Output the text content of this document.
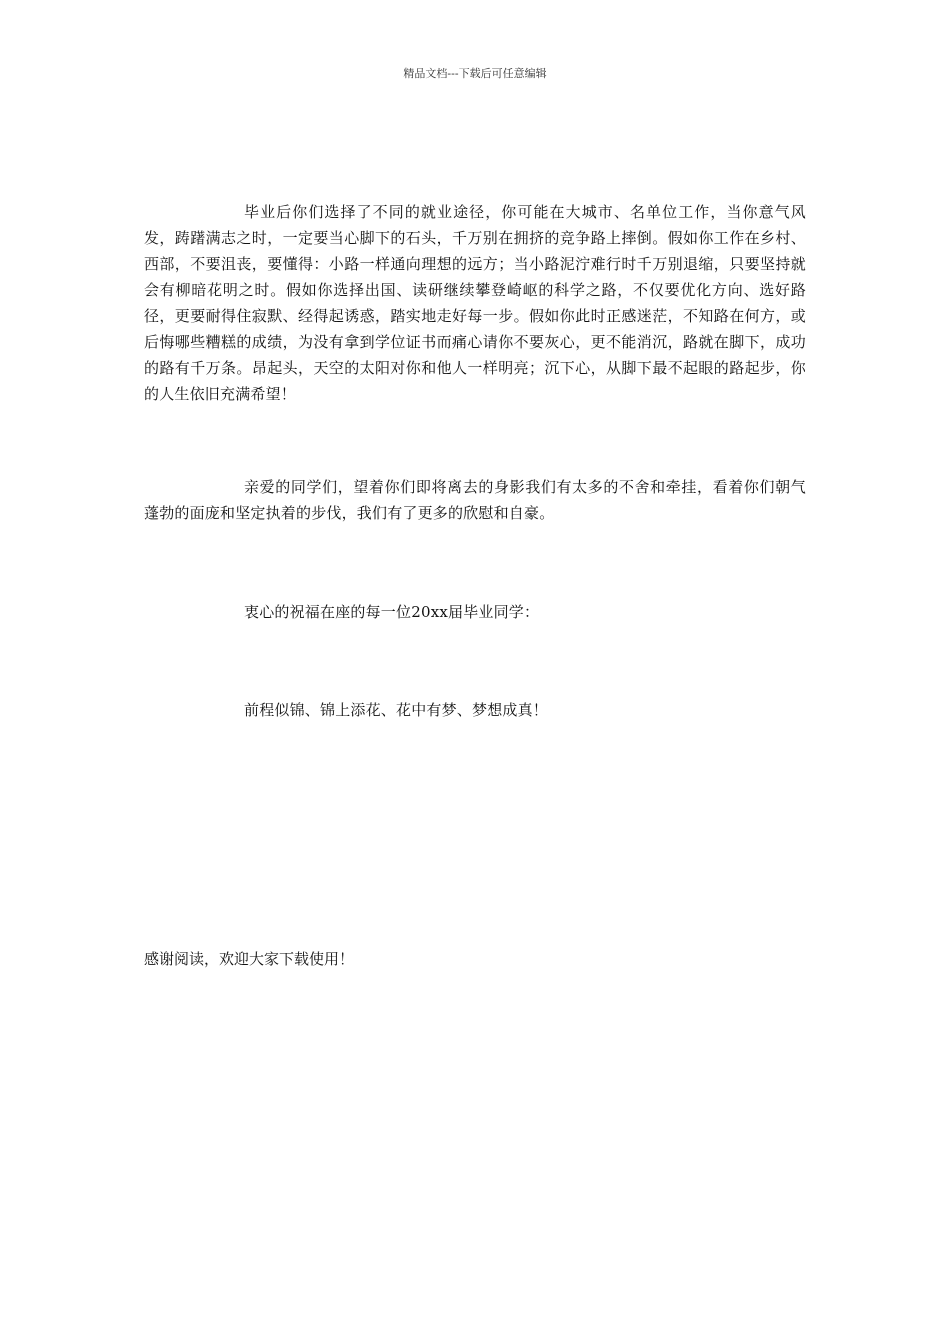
精品文档---下载后可任意编辑

毕业后你们选择了不同的就业途径，你可能在大城市、名单位工作，当你意气风发，踌躇满志之时，一定要当心脚下的石头，千万别在拥挤的竞争路上摔倒。假如你工作在乡村、西部，不要沮丧，要懂得：小路一样通向理想的远方；当小路泥泞难行时千万别退缩，只要坚持就会有柳暗花明之时。假如你选择出国、读研继续攀登崎岖的科学之路，不仅要优化方向、选好路径，更要耐得住寂默、经得起诱惑，踏实地走好每一步。假如你此时正感迷茫，不知路在何方，或后悔哪些糟糕的成绩，为没有拿到学位证书而痛心请你不要灰心，更不能消沉，路就在脚下，成功的路有千万条。昂起头，天空的太阳对你和他人一样明亮；沉下心，从脚下最不起眼的路起步，你的人生依旧充满希望！

亲爱的同学们，望着你们即将离去的身影我们有太多的不舍和牵挂，看着你们朝气蓬勃的面庞和坚定执着的步伐，我们有了更多的欣慰和自豪。

衷心的祝福在座的每一位20xx届毕业同学：

前程似锦、锦上添花、花中有梦、梦想成真！

感谢阅读，欢迎大家下载使用！
